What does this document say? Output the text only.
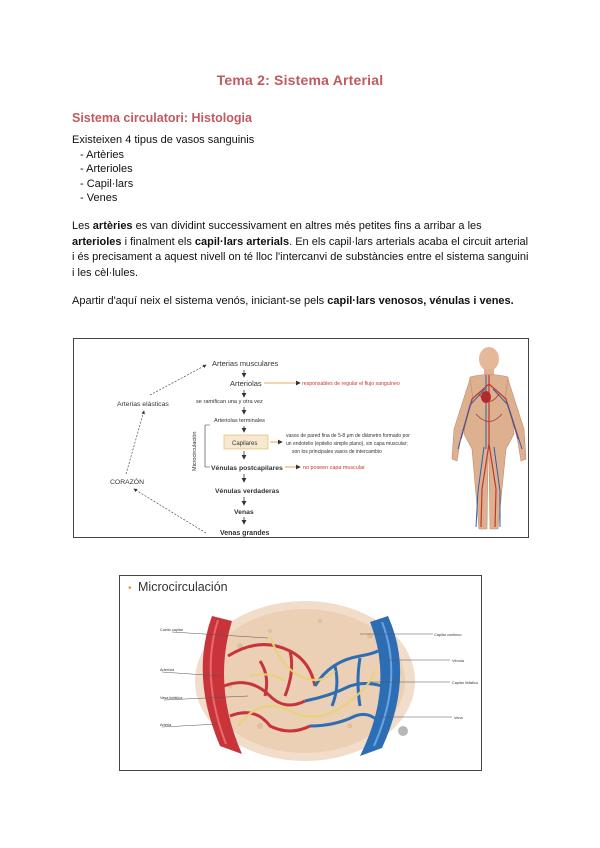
Tema 2: Sistema Arterial
Sistema circulatori: Histologia
Existeixen 4 tipus de vasos sanguinis
- Artèries
- Arterioles
- Capil·lars
- Venes
Les artèries es van dividint successivament en altres més petites fins a arribar a les arterioles i finalment els capil·lars arterials. En els capil·lars arterials acaba el circuit arterial i és precisament a aquest nivell on té lloc l'intercanvi de substàncies entre el sistema sanguini i les cèl·lules.
Apartir d'aquí neix el sistema venós, iniciant-se pels capil·lars venosos, vénulas i venes.
Arterias musculares
Arteriolas	responsables de regular el flujo sanguíneo
se ramifican una y otra vez
Arteriolas terminales
Capilares
vasos de pared fina de 5-8 μm de diámetro formado por
un endotelio (epitelio simple plano), sin capa muscular;
son los principales vasos de intercambio
Vénulas postcapilares	no poseen capa muscular
Vénulas verdaderas
Venas
Venas grandes
Microcirculación
Arterias elásticas
CORAZÓN
• Microcirculación
Cuello capilar
Arteriola
Vasa linfática
Arteria
Capilar continuo
Vénula
Capilar linfático
Vena
